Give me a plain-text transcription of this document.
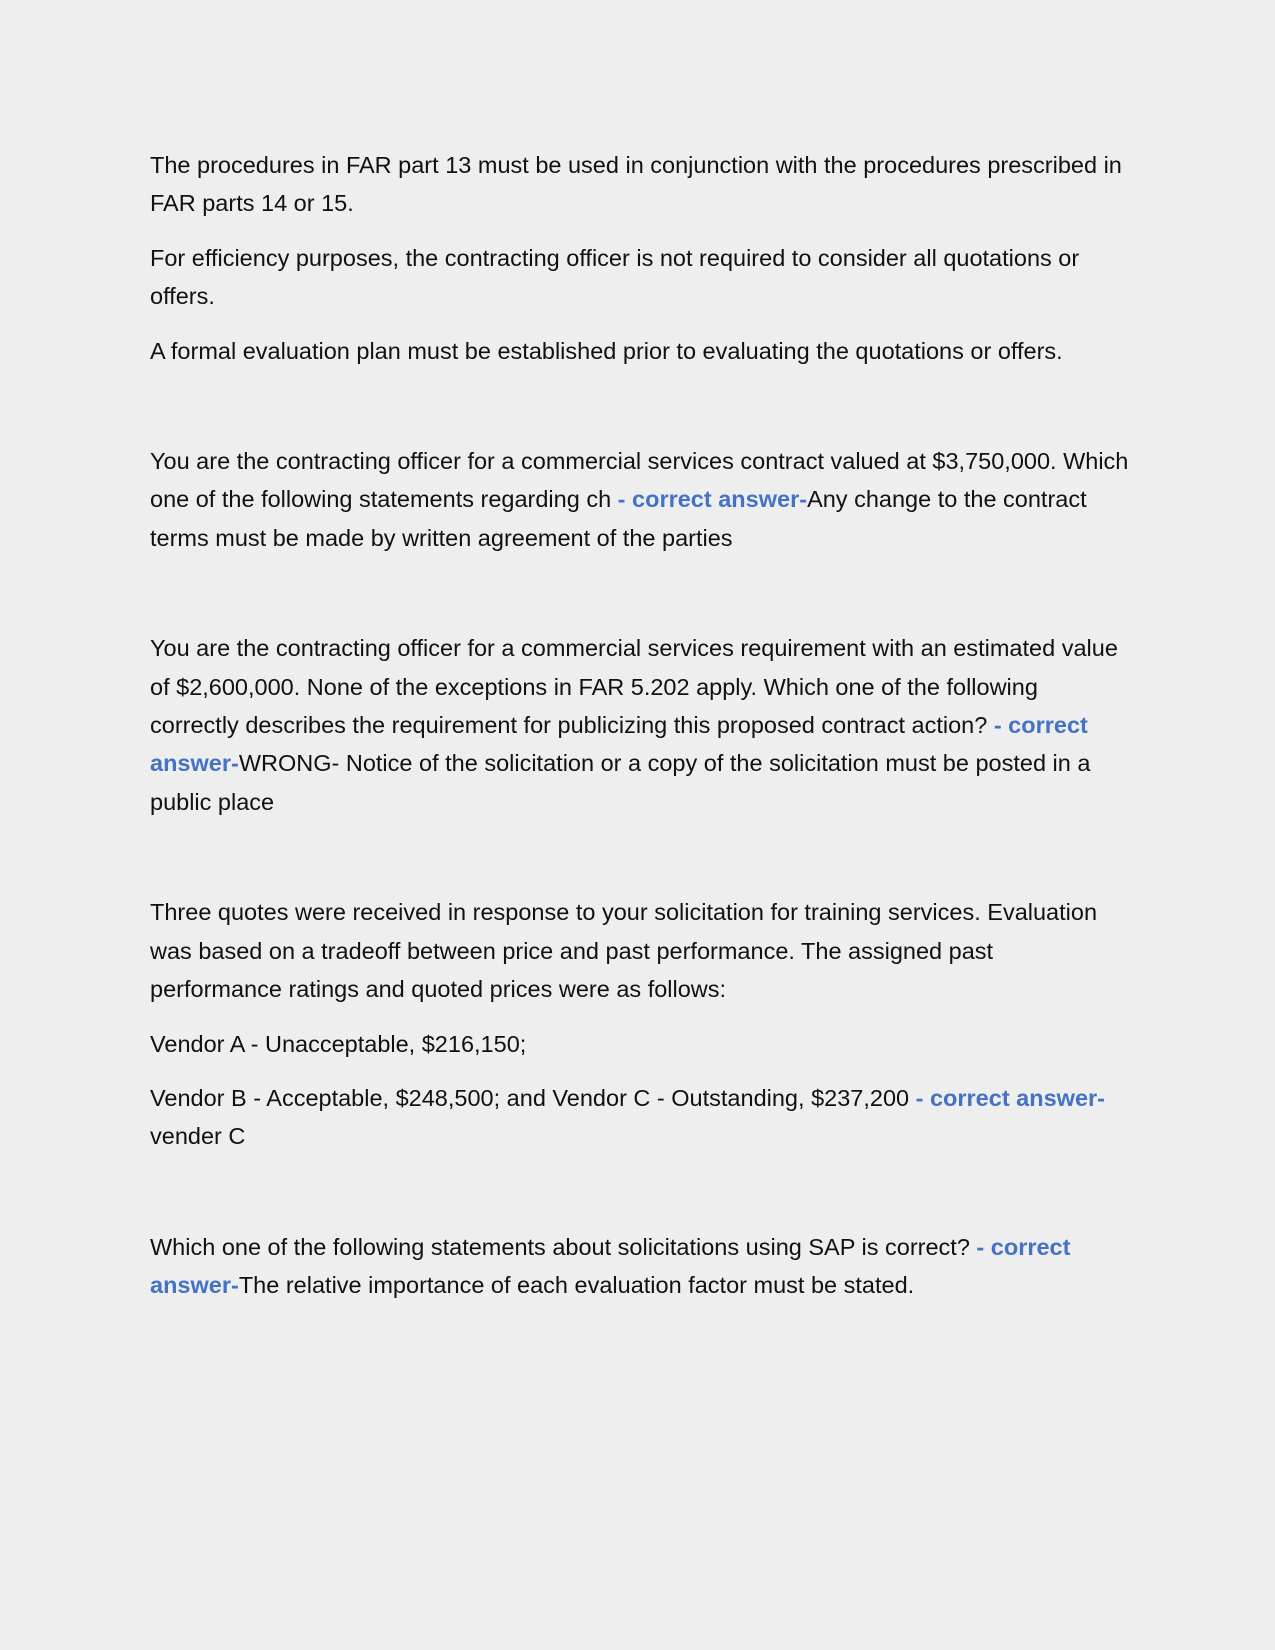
The procedures in FAR part 13 must be used in conjunction with the procedures prescribed in FAR parts 14 or 15.

For efficiency purposes, the contracting officer is not required to consider all quotations or offers.

A formal evaluation plan must be established prior to evaluating the quotations or offers.

You are the contracting officer for a commercial services contract valued at $3,750,000. Which one of the following statements regarding ch - correct answer-Any change to the contract terms must be made by written agreement of the parties

You are the contracting officer for a commercial services requirement with an estimated value of $2,600,000. None of the exceptions in FAR 5.202 apply. Which one of the following correctly describes the requirement for publicizing this proposed contract action? - correct answer-WRONG- Notice of the solicitation or a copy of the solicitation must be posted in a public place

Three quotes were received in response to your solicitation for training services. Evaluation was based on a tradeoff between price and past performance. The assigned past performance ratings and quoted prices were as follows:

Vendor A - Unacceptable, $216,150;

Vendor B - Acceptable, $248,500; and Vendor C - Outstanding, $237,200 - correct answer-vender C

Which one of the following statements about solicitations using SAP is correct? - correct answer-The relative importance of each evaluation factor must be stated.
